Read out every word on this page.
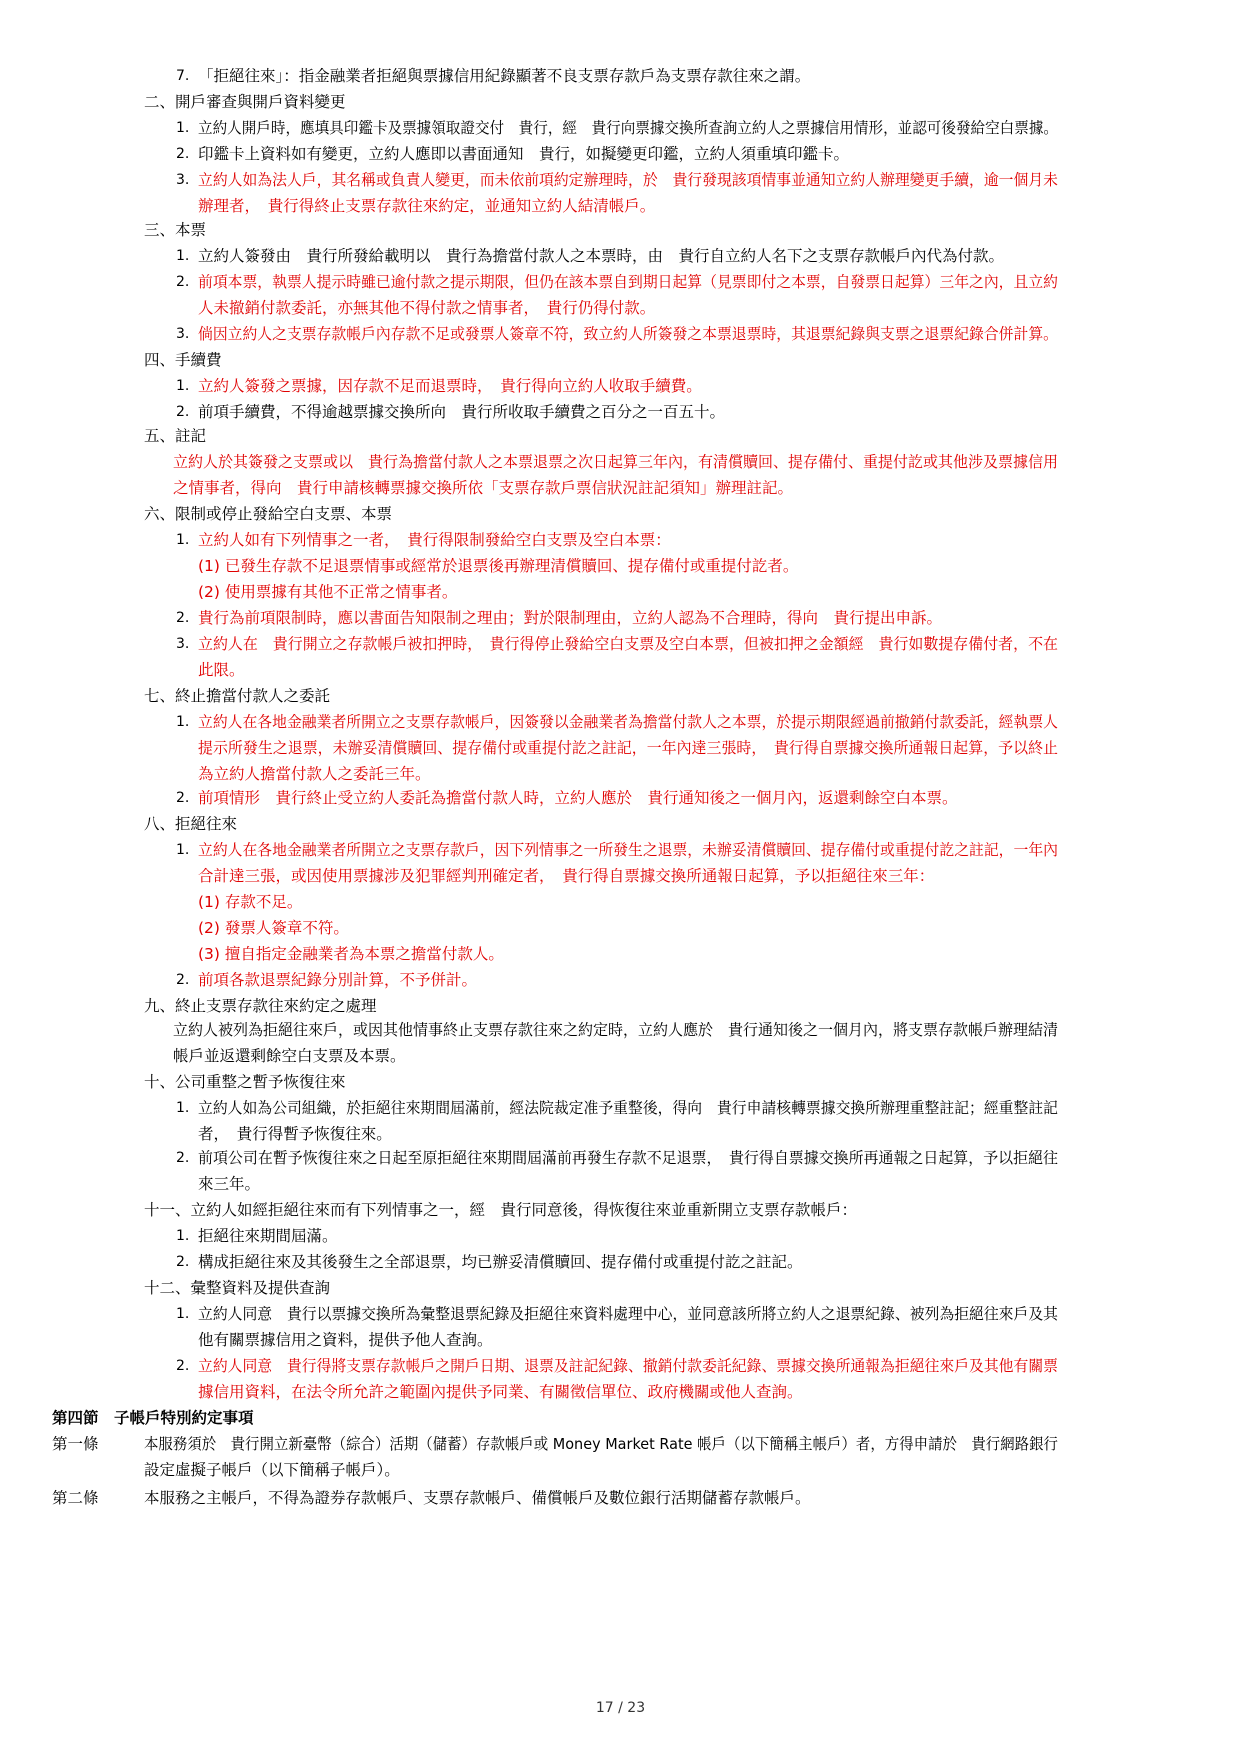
7. 「拒絕往來」：指金融業者拒絕與票據信用紀錄顯著不良支票存款戶為支票存款往來之謂。
二、開戶審查與開戶資料變更
1. 立約人開戶時，應填具印鑑卡及票據領取證交付　貴行，經　貴行向票據交換所查詢立約人之票據信用情形，並認可後發給空白票據。
2. 印鑑卡上資料如有變更，立約人應即以書面通知　貴行，如擬變更印鑑，立約人須重填印鑑卡。
3. 立約人如為法人戶，其名稱或負責人變更，而未依前項約定辦理時，於　貴行發現該項情事並通知立約人辦理變更手續，逾一個月未
辦理者，　貴行得終止支票存款往來約定，並通知立約人結清帳戶。
三、本票
1. 立約人簽發由　貴行所發給載明以　貴行為擔當付款人之本票時，由　貴行自立約人名下之支票存款帳戶內代為付款。
2. 前項本票，執票人提示時雖已逾付款之提示期限，但仍在該本票自到期日起算（見票即付之本票，自發票日起算）三年之內，且立約
人未撤銷付款委託，亦無其他不得付款之情事者，　貴行仍得付款。
3. 倘因立約人之支票存款帳戶內存款不足或發票人簽章不符，致立約人所簽發之本票退票時，其退票紀錄與支票之退票紀錄合併計算。
四、手續費
1. 立約人簽發之票據，因存款不足而退票時，　貴行得向立約人收取手續費。
2. 前項手續費，不得逾越票據交換所向　貴行所收取手續費之百分之一百五十。
五、註記
立約人於其簽發之支票或以　貴行為擔當付款人之本票退票之次日起算三年內，有清償贖回、提存備付、重提付訖或其他涉及票據信用
之情事者，得向　貴行申請核轉票據交換所依「支票存款戶票信狀況註記須知」辦理註記。
六、限制或停止發給空白支票、本票
1. 立約人如有下列情事之一者，　貴行得限制發給空白支票及空白本票：
(1) 已發生存款不足退票情事或經常於退票後再辦理清償贖回、提存備付或重提付訖者。
(2) 使用票據有其他不正常之情事者。
2. 貴行為前項限制時，應以書面告知限制之理由；對於限制理由，立約人認為不合理時，得向　貴行提出申訴。
3. 立約人在　貴行開立之存款帳戶被扣押時，　貴行得停止發給空白支票及空白本票，但被扣押之金額經　貴行如數提存備付者，不在
此限。
七、終止擔當付款人之委託
1. 立約人在各地金融業者所開立之支票存款帳戶，因簽發以金融業者為擔當付款人之本票，於提示期限經過前撤銷付款委託，經執票人
提示所發生之退票，未辦妥清償贖回、提存備付或重提付訖之註記，一年內達三張時，　貴行得自票據交換所通報日起算，予以終止
為立約人擔當付款人之委託三年。
2. 前項情形　貴行終止受立約人委託為擔當付款人時，立約人應於　貴行通知後之一個月內，返還剩餘空白本票。
八、拒絕往來
1. 立約人在各地金融業者所開立之支票存款戶，因下列情事之一所發生之退票，未辦妥清償贖回、提存備付或重提付訖之註記，一年內
合計達三張，或因使用票據涉及犯罪經判刑確定者，　貴行得自票據交換所通報日起算，予以拒絕往來三年：
(1) 存款不足。
(2) 發票人簽章不符。
(3) 擅自指定金融業者為本票之擔當付款人。
2. 前項各款退票紀錄分別計算，不予併計。
九、終止支票存款往來約定之處理
立約人被列為拒絕往來戶，或因其他情事終止支票存款往來之約定時，立約人應於　貴行通知後之一個月內，將支票存款帳戶辦理結清
帳戶並返還剩餘空白支票及本票。
十、公司重整之暫予恢復往來
1. 立約人如為公司組織，於拒絕往來期間屆滿前，經法院裁定准予重整後，得向　貴行申請核轉票據交換所辦理重整註記；經重整註記
者，　貴行得暫予恢復往來。
2. 前項公司在暫予恢復往來之日起至原拒絕往來期間屆滿前再發生存款不足退票，　貴行得自票據交換所再通報之日起算，予以拒絕往
來三年。
十一、立約人如經拒絕往來而有下列情事之一，經　貴行同意後，得恢復往來並重新開立支票存款帳戶：
1. 拒絕往來期間屆滿。
2. 構成拒絕往來及其後發生之全部退票，均已辦妥清償贖回、提存備付或重提付訖之註記。
十二、彙整資料及提供查詢
1. 立約人同意　貴行以票據交換所為彙整退票紀錄及拒絕往來資料處理中心，並同意該所將立約人之退票紀錄、被列為拒絕往來戶及其
他有關票據信用之資料，提供予他人查詢。
2. 立約人同意　貴行得將支票存款帳戶之開戶日期、退票及註記紀錄、撤銷付款委託紀錄、票據交換所通報為拒絕往來戶及其他有關票
據信用資料，在法令所允許之範圍內提供予同業、有關徵信單位、政府機關或他人查詢。
第四節　子帳戶特別約定事項
第一條	本服務須於　貴行開立新臺幣（綜合）活期（儲蓄）存款帳戶或 Money Market Rate 帳戶（以下簡稱主帳戶）者，方得申請於　貴行網路銀行
設定虛擬子帳戶（以下簡稱子帳戶）。
第二條	本服務之主帳戶，不得為證券存款帳戶、支票存款帳戶、備償帳戶及數位銀行活期儲蓄存款帳戶。
17 / 23
